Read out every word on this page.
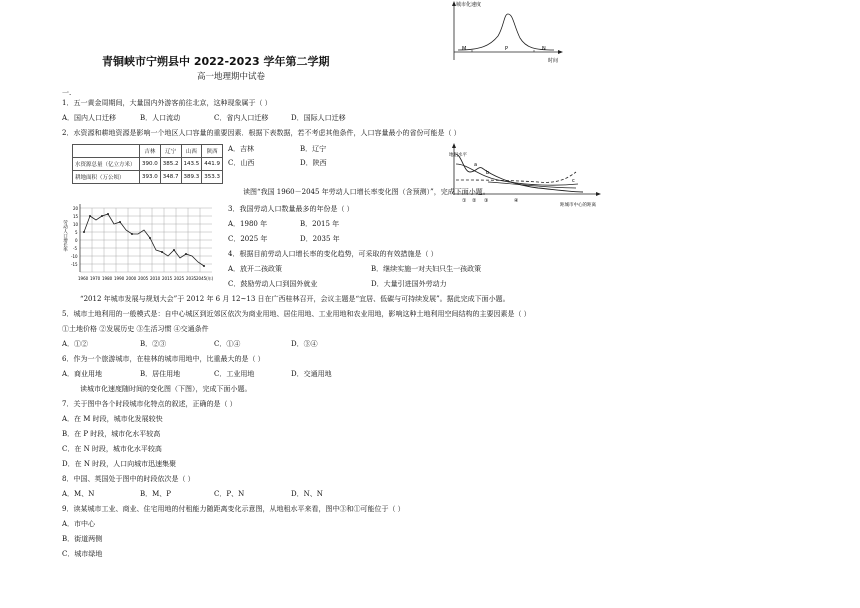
城市化速度
M	P	N
时间
青铜峡市宁朔县中 2022-2023 学年第二学期
高一地理期中试卷
一.
1．五一黄金周期间，大量国内外游客前往北京，这种现象属于（ ）
A．国内人口迁移	B．人口流动	C．省内人口迁移	D．国际人口迁移
2．水资源和耕地资源是影响一个地区人口容量的重要因素．根据下表数据，若不考虑其他条件，人口容量最小的省份可能是（ ）
	吉林	辽宁	山西	陕西
水资源总量（亿立方米）	390.0	385.2	143.5	441.9
耕地面积（万公顷）	393.0	348.7	389.3	353.3
A．吉林	B．辽宁
C．山西	D．陕西
地租水平
a
b
c
① ② ③	④
距城市中心的距离
读图“我国 1960－2045 年劳动人口增长率变化图（含预测）”，完成下面小题。
劳动人口增长率
20
15
10
5
0
-5
-10
-15
1960 1970 1980 1990 2000 2005 2010 2015 2025 2035 2045(年)
3．我国劳动人口数量最多的年份是（ ）
A．1980 年	B．2015 年
C．2025 年	D．2035 年
4．根据目前劳动人口增长率的变化趋势，可采取的有效措施是（ ）
A．放开二孩政策	B．继续实施一对夫妇只生一孩政策
C．鼓励劳动人口到国外就业	D．大量引进国外劳动力
“2012 年城市发展与规划大会”于 2012 年 6 月 12~13 日在广西桂林召开，会议主题是“宜居、低碳与可持续发展”。据此完成下面小题。
5．城市土地利用的一般模式是：自中心城区到近郊区依次为商业用地、居住用地、工业用地和农业用地，影响这种土地利用空间结构的主要因素是（ ）
①土地价格 ②发展历史 ③生活习惯 ④交通条件
A．①②	B．②③	C．①④	D．③④
6．作为一个旅游城市，在桂林的城市用地中，比重最大的是（ ）
A．商业用地	B．居住用地	C．工业用地	D．交通用地
读城市化速度随时间的变化图（下图），完成下面小题。
7．关于图中各个时段城市化特点的叙述，正确的是（ ）
A．在 M 时段，城市化发展较快
B．在 P 时段，城市化水平较高
C．在 N 时段，城市化水平较高
D．在 N 时段，人口向城市迅速集聚
8．中国、英国处于图中的时段依次是（ ）
A．M、N	B．M、P	C．P、N	D．N、N
9．读某城市工业、商业、住宅用地的付租能力随距离变化示意图，从地租水平来看，图中③和①可能位于（ ）
A．市中心
B．街道两侧
C．城市绿地
